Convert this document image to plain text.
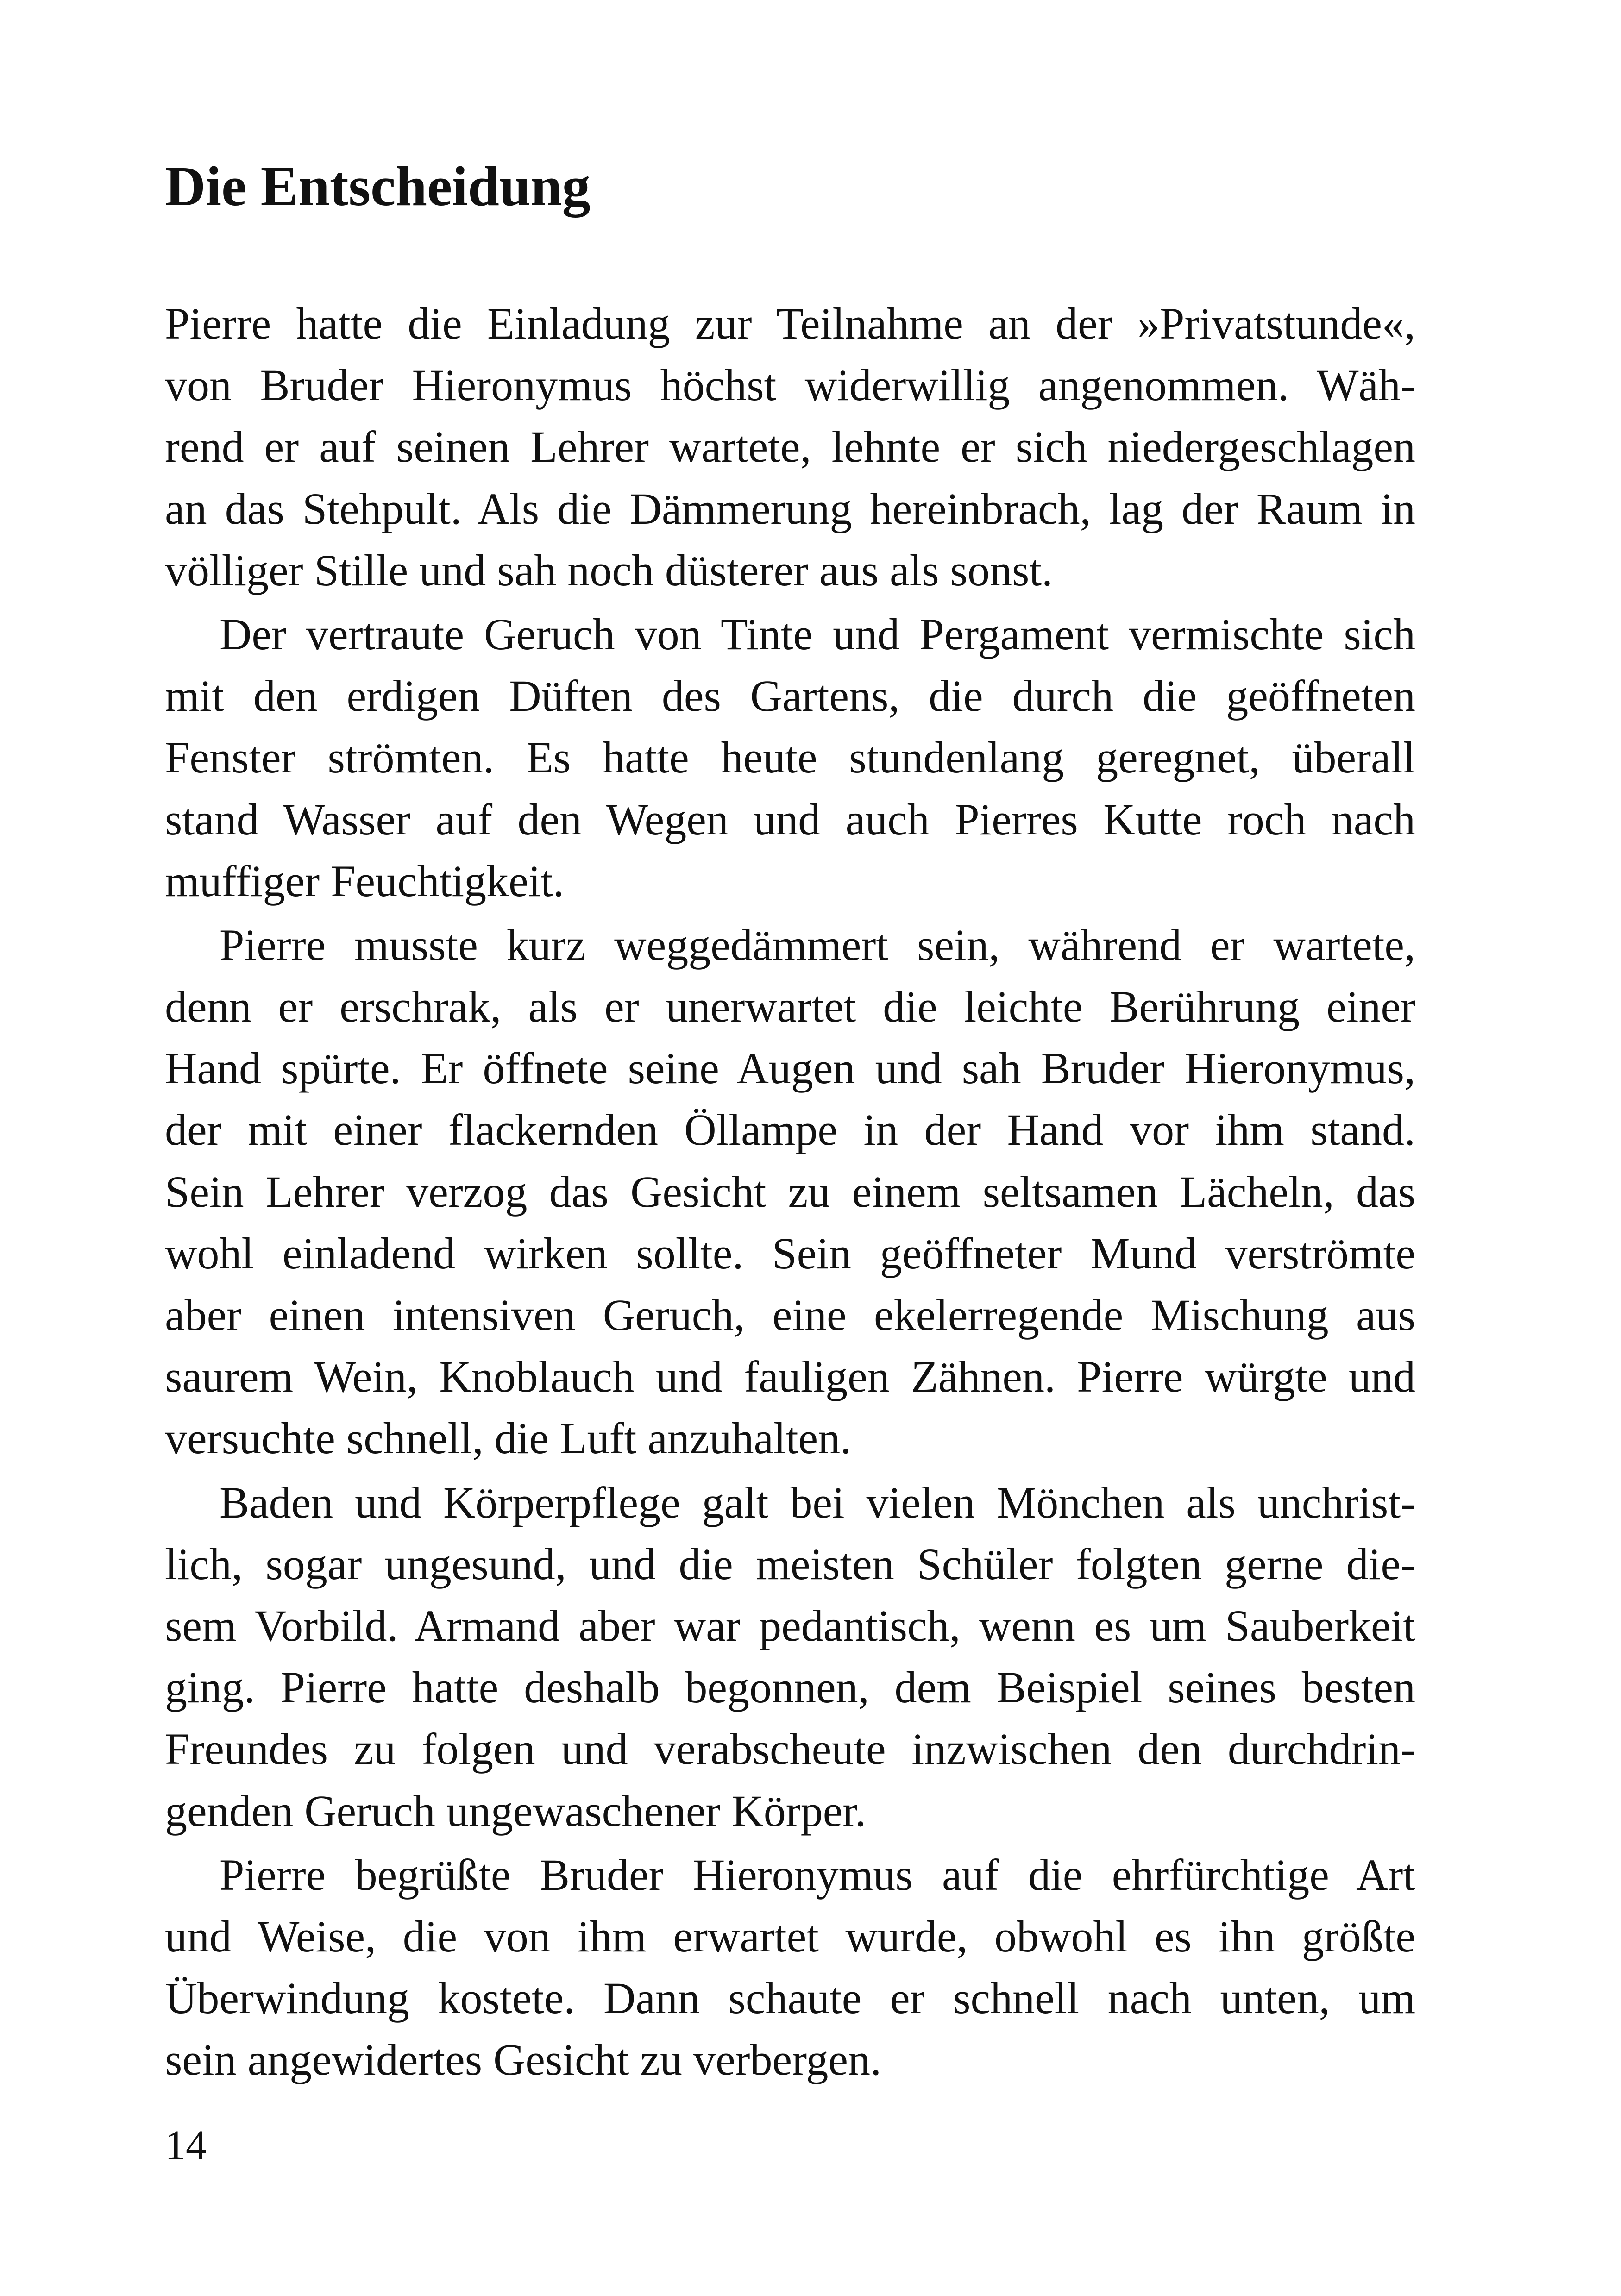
Die Entscheidung
Pierre hatte die Einladung zur Teilnahme an der »Privatstunde«,
von Bruder Hieronymus höchst widerwillig angenommen. Wäh-
rend er auf seinen Lehrer wartete, lehnte er sich niedergeschlagen
an das Stehpult. Als die Dämmerung hereinbrach, lag der Raum in
völliger Stille und sah noch düsterer aus als sonst.
Der vertraute Geruch von Tinte und Pergament vermischte sich
mit den erdigen Düften des Gartens, die durch die geöffneten
Fenster strömten. Es hatte heute stundenlang geregnet, überall
stand Wasser auf den Wegen und auch Pierres Kutte roch nach
muffiger Feuchtigkeit.
Pierre musste kurz weggedämmert sein, während er wartete,
denn er erschrak, als er unerwartet die leichte Berührung einer
Hand spürte. Er öffnete seine Augen und sah Bruder Hieronymus,
der mit einer flackernden Öllampe in der Hand vor ihm stand.
Sein Lehrer verzog das Gesicht zu einem seltsamen Lächeln, das
wohl einladend wirken sollte. Sein geöffneter Mund verströmte
aber einen intensiven Geruch, eine ekelerregende Mischung aus
saurem Wein, Knoblauch und fauligen Zähnen. Pierre würgte und
versuchte schnell, die Luft anzuhalten.
Baden und Körperpflege galt bei vielen Mönchen als unchrist-
lich, sogar ungesund, und die meisten Schüler folgten gerne die-
sem Vorbild. Armand aber war pedantisch, wenn es um Sauberkeit
ging. Pierre hatte deshalb begonnen, dem Beispiel seines besten
Freundes zu folgen und verabscheute inzwischen den durchdrin-
genden Geruch ungewaschener Körper.
Pierre begrüßte Bruder Hieronymus auf die ehrfürchtige Art
und Weise, die von ihm erwartet wurde, obwohl es ihn größte
Überwindung kostete. Dann schaute er schnell nach unten, um
sein angewidertes Gesicht zu verbergen.

14
